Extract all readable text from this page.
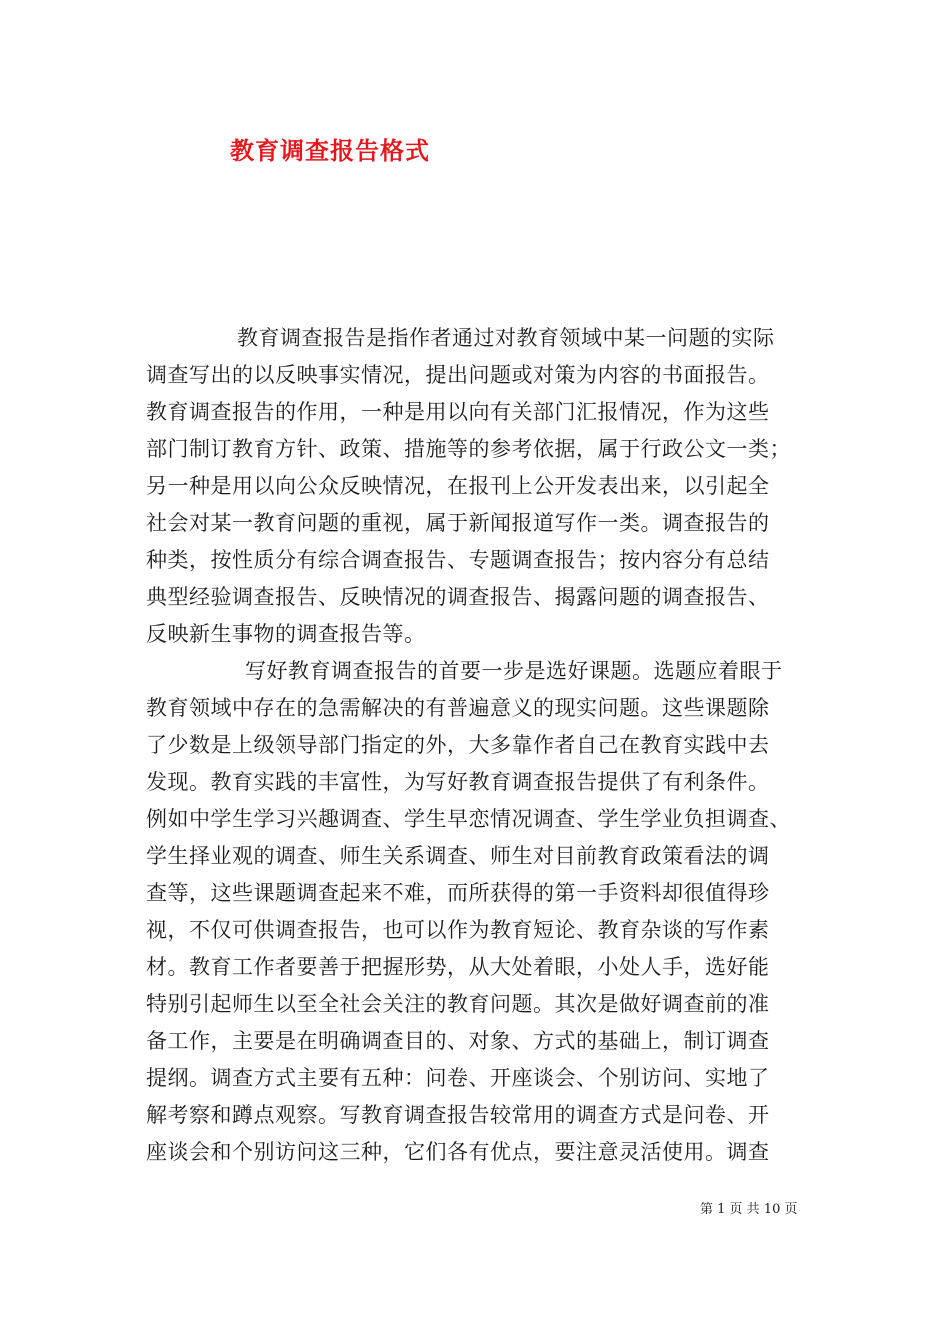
教育调查报告格式
教育调查报告是指作者通过对教育领域中某一问题的实际
调查写出的以反映事实情况，提出问题或对策为内容的书面报告。
教育调查报告的作用，一种是用以向有关部门汇报情况，作为这些
部门制订教育方针、政策、措施等的参考依据，属于行政公文一类；
另一种是用以向公众反映情况，在报刊上公开发表出来，以引起全
社会对某一教育问题的重视，属于新闻报道写作一类。调查报告的
种类，按性质分有综合调查报告、专题调查报告；按内容分有总结
典型经验调查报告、反映情况的调查报告、揭露问题的调查报告、
反映新生事物的调查报告等。
写好教育调查报告的首要一步是选好课题。选题应着眼于
教育领域中存在的急需解决的有普遍意义的现实问题。这些课题除
了少数是上级领导部门指定的外，大多靠作者自己在教育实践中去
发现。教育实践的丰富性，为写好教育调查报告提供了有利条件。
例如中学生学习兴趣调查、学生早恋情况调查、学生学业负担调查、
学生择业观的调查、师生关系调查、师生对目前教育政策看法的调
查等，这些课题调查起来不难，而所获得的第一手资料却很值得珍
视，不仅可供调查报告，也可以作为教育短论、教育杂谈的写作素
材。教育工作者要善于把握形势，从大处着眼，小处人手，选好能
特别引起师生以至全社会关注的教育问题。其次是做好调查前的准
备工作，主要是在明确调查目的、对象、方式的基础上，制订调查
提纲。调查方式主要有五种：问卷、开座谈会、个别访问、实地了
解考察和蹲点观察。写教育调查报告较常用的调查方式是问卷、开
座谈会和个别访问这三种，它们各有优点，要注意灵活使用。调查
第 1 页 共 10 页
